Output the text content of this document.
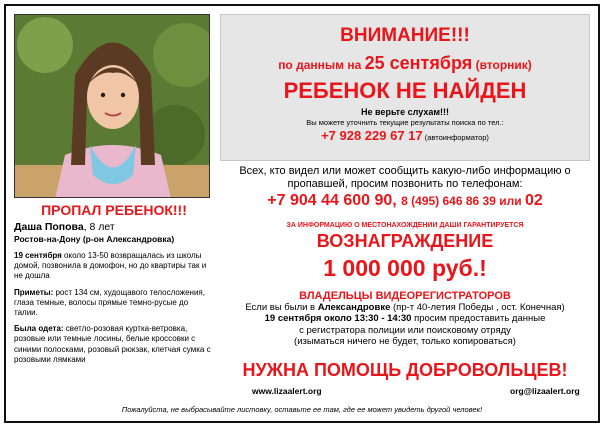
ПРОПАЛ РЕБЕНОК!!!
Даша Попова, 8 лет
Ростов-на-Дону (р-он Александровка)
19 сентября около 13-50 возвращалась из школы домой, позвонила в домофон, но до квартиры так и не дошла
Приметы: рост 134 см, худощавого телосложения, глаза темные, волосы прямые темно-русые до талии.
Была одета: светло-розовая куртка-ветровка, розовые или темные лосины, белые кроссовки с синими полосками, розовый рюкзак, клетчая сумка с розовыми лямками
ВНИМАНИЕ!!!
по данным на 25 сентября (вторник)
РЕБЕНОК НЕ НАЙДЕН
Не верьте слухам!!!
Вы можете уточнить текущие результаты поиска по тел.:
+7 928 229 67 17 (автоинформатор)
Всех, кто видел или может сообщить какую-либо информацию о пропавшей, просим позвонить по телефонам:
+7 904 44 600 90, 8 (495) 646 86 39 или 02
ЗА ИНФОРМАЦИЮ О МЕСТОНАХОЖДЕНИИ ДАШИ ГАРАНТИРУЕТСЯ
ВОЗНАГРАЖДЕНИЕ
1 000 000 руб.!
ВЛАДЕЛЬЦЫ ВИДЕОРЕГИСТРАТОРОВ
Если вы были в Александровке (пр-т 40-летия Победы , ост. Конечная)
19 сентября около 13:30 - 14:30 просим предоставить данные
с регистратора полиции или поисковому отряду
(изыматься ничего не будет, только копироваться)
НУЖНА ПОМОЩЬ ДОБРОВОЛЬЦЕВ!
www.lizaalert.org	org@lizaalert.org
Пожалуйста, не выбрасывайте листовку, оставьте ее там, где ее может увидеть другой человек!
